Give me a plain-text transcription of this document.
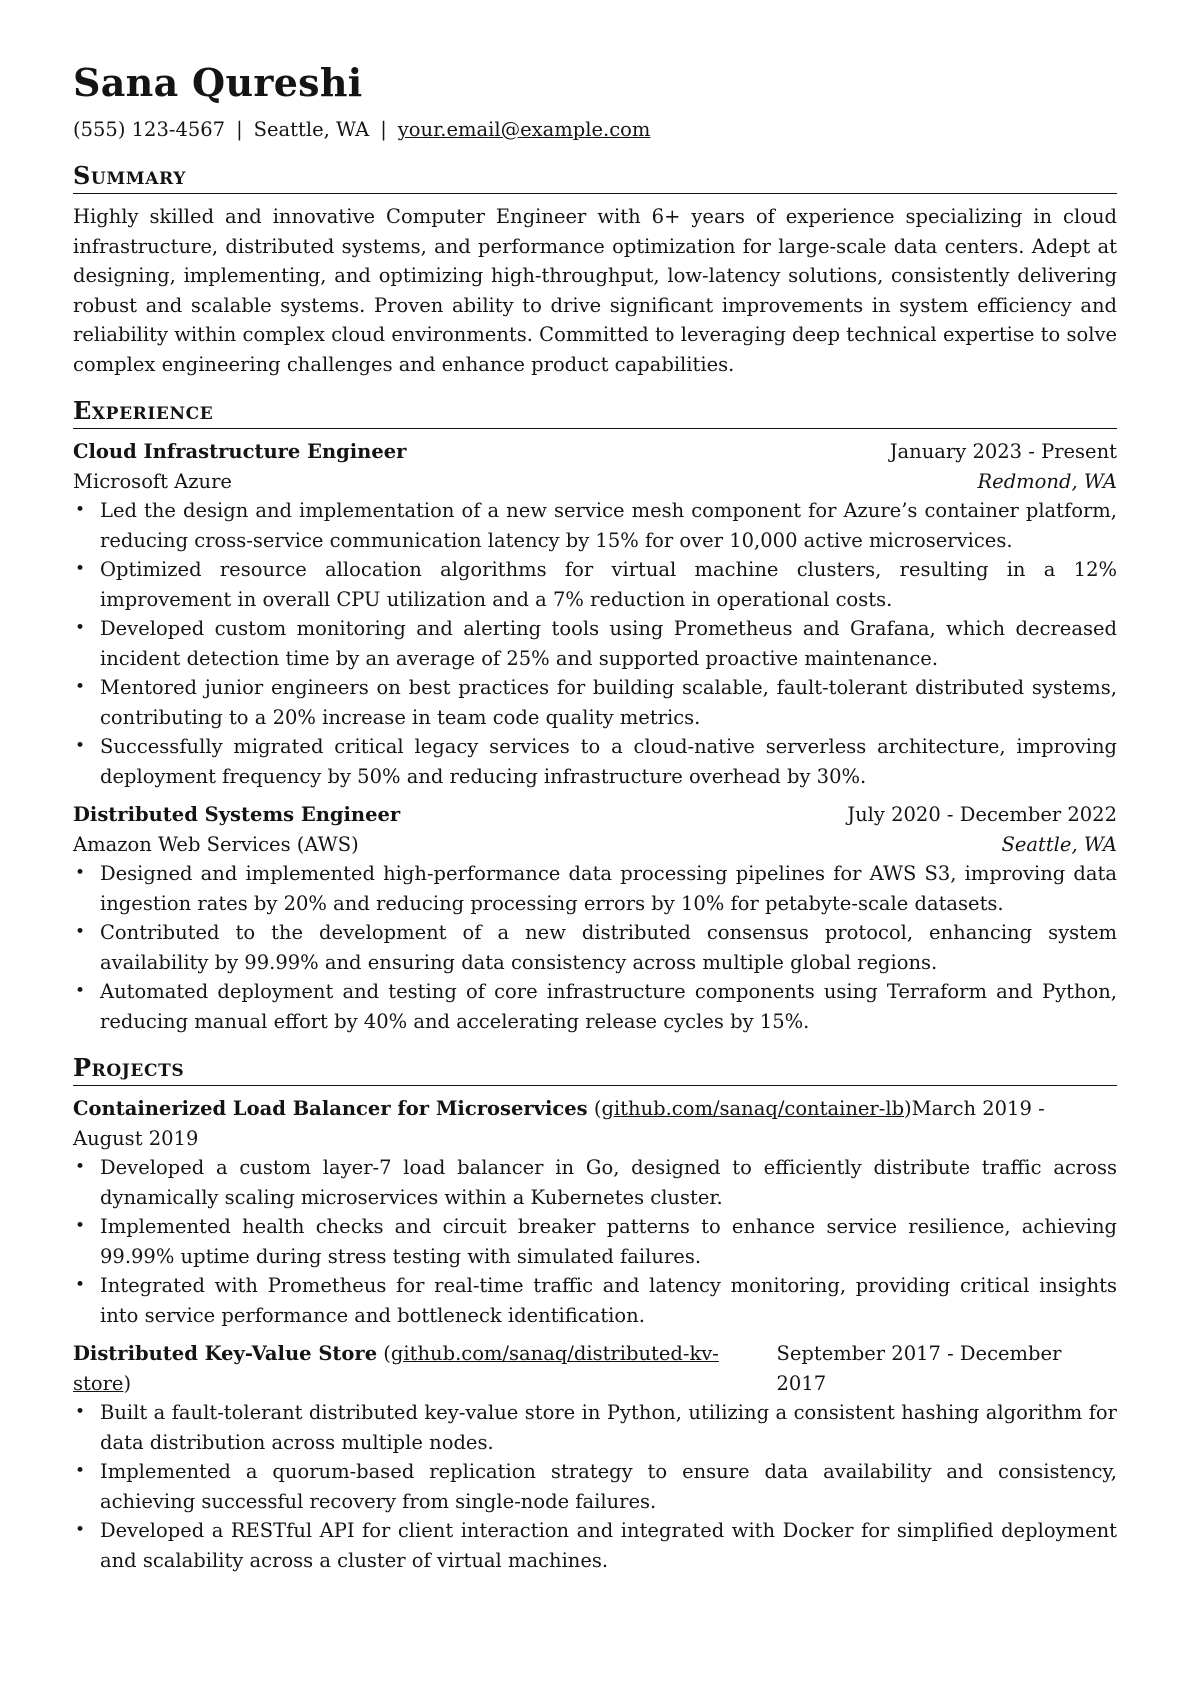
Sana Qureshi
(555) 123-4567 | Seattle, WA | your.email@example.com
Summary

Highly skilled and innovative Computer Engineer with 6+ years of experience specializing in cloud infrastructure, distributed systems, and performance optimization for large-scale data centers. Adept at designing, implementing, and optimizing high-throughput, low-latency solutions, consistently delivering robust and scalable systems. Proven ability to drive significant improvements in system efficiency and reliability within complex cloud environments. Committed to leveraging deep technical expertise to solve complex engineering challenges and enhance product capabilities.

Experience
Cloud Infrastructure Engineer	January 2023 - Present
Microsoft Azure	Redmond, WA
• Led the design and implementation of a new service mesh component for Azure’s container platform, reducing cross-service communication latency by 15% for over 10,000 active microservices.
• Optimized resource allocation algorithms for virtual machine clusters, resulting in a 12% improvement in overall CPU utilization and a 7% reduction in operational costs.
• Developed custom monitoring and alerting tools using Prometheus and Grafana, which decreased incident detection time by an average of 25% and supported proactive maintenance.
• Mentored junior engineers on best practices for building scalable, fault-tolerant distributed systems, contributing to a 20% increase in team code quality metrics.
• Successfully migrated critical legacy services to a cloud-native serverless architecture, improving deployment frequency by 50% and reducing infrastructure overhead by 30%.
Distributed Systems Engineer	July 2020 - December 2022
Amazon Web Services (AWS)	Seattle, WA
• Designed and implemented high-performance data processing pipelines for AWS S3, improving data ingestion rates by 20% and reducing processing errors by 10% for petabyte-scale datasets.
• Contributed to the development of a new distributed consensus protocol, enhancing system availability by 99.99% and ensuring data consistency across multiple global regions.
• Automated deployment and testing of core infrastructure components using Terraform and Python, reducing manual effort by 40% and accelerating release cycles by 15%.
Projects
Containerized Load Balancer for Microservices (github.com/sanaq/container-lb)March 2019 - August 2019
• Developed a custom layer-7 load balancer in Go, designed to efficiently distribute traffic across dynamically scaling microservices within a Kubernetes cluster.
• Implemented health checks and circuit breaker patterns to enhance service resilience, achieving 99.99% uptime during stress testing with simulated failures.
• Integrated with Prometheus for real-time traffic and latency monitoring, providing critical insights into service performance and bottleneck identification.
Distributed Key-Value Store (github.com/sanaq/distributed-kv-store)
September 2017 - December 2017
• Built a fault-tolerant distributed key-value store in Python, utilizing a consistent hashing algorithm for data distribution across multiple nodes.
• Implemented a quorum-based replication strategy to ensure data availability and consistency, achieving successful recovery from single-node failures.
• Developed a RESTful API for client interaction and integrated with Docker for simplified deployment and scalability across a cluster of virtual machines.
